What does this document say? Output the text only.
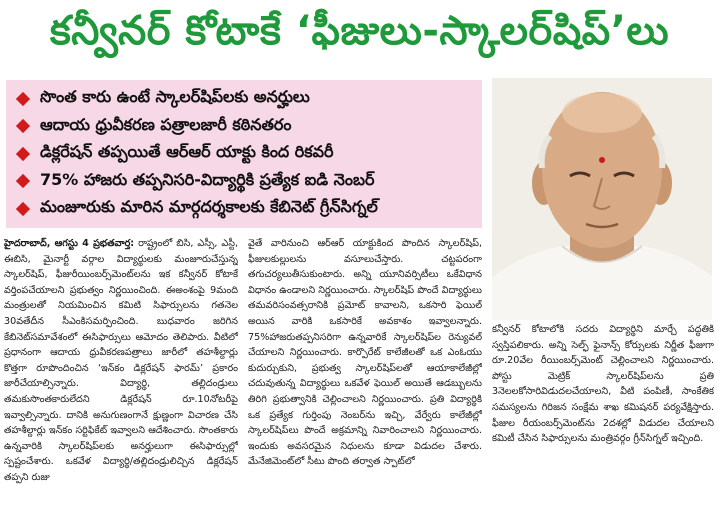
కన్వీనర్ కోటాకే ‘ఫీజులు-స్కాలర్‌షిప్’లు
సొంత కారు ఉంటే స్కాలర్‌షిప్‌లకు అనర్హులు
ఆదాయ ధ్రువీకరణ పత్రాలజారీ కఠినతరం
డిక్లరేషన్ తప్పయితే ఆర్‌ఆర్ యాక్టు కింద రికవరీ
75% హాజరు తప్పనిసరి-విద్యార్థికి ప్రత్యేక ఐడి నెంబర్
మంజూరుకు మారిన మార్గదర్శకాలకు కేబినెట్ గ్రీన్‌సిగ్నల్

హైదరాబాద్, ఆగస్టు 4 ప్రభతవార్త: రాష్ట్రంలో బిసి, ఎస్సీ, ఎస్టీ, ఈబిసి, మైనార్టీ వర్గాల విద్యార్థులకు మంజూరుచేస్తున్న స్కాలర్‌షిప్, ఫీజురీయింబర్స్‌మెంట్‌లను ఇక కన్వీనర్ కోటాకే వర్తింపచేయాలని ప్రభుత్వం నిర్ణయించింది. ఈఅంశంపై 9మంది మంత్రులతో నియమించిన కమిటి సిఫార్సులను గతనెల 30వతేదీన సీఎంకిసమర్పించింది. బుధవారం జరిగిన కేబినెట్‌సమావేశంలో ఈసిఫార్సులు ఆమోదం తెలిపారు. వీటిలో ప్రధానంగా ఆదాయ ధ్రువీకరణపత్రాలు జారీలో తహశీల్దార్లు కొత్తగా రూపొందించిన ‘ఇన్‌కం డిక్లరేషన్ ఫారమ్’ ప్రకారం జారీచేయాల్సిన్నారు. విద్యార్థి, తల్లిదండ్రులు తమకుసొంతకారులేదని డిక్లరేషన్ రూ.10నోటరీపై ఇవ్వాల్సిన్నారు. దానికి అనుగుణంగానే క్షుణ్ణంగా విచారణ చేసి తహశీల్దార్లు ఇన్‌కం సర్టిఫికేట్ ఇవ్వాలని ఆదేశించారు. సొంతకారు ఉన్నవారికి స్కాలర్‌షిప్‌లకు అనర్హులుగా ఈసిఫార్సుల్లో స్పష్టంచేశారు. ఒకవేళ విద్యార్థి/తల్లిదండ్రులిచ్చిన డిక్లరేషన్ తప్పని రుజు

వైతే వారినుంచి ఆర్‌ఆర్ యాక్టుకింద పొందిన స్కాలర్‌షిప్, ఫీజులకుల్లులను వసూలుచేస్తారు. చట్టపరంగా తగుచర్యలుతీసుకుంటారు. అన్ని యూనివర్సిటీలు ఒకేవిధాన విధానం ఉండాలని నిర్ణయించారు. స్కాలర్‌షిప్ పొందే విద్యార్థులు తమవరిసంవత్సరానికి ప్రమోట్ కావాలని, ఒకసారి ఫెయిల్ అయిన వారికి ఒకసారికే అవకాశం ఇవ్వాలన్నారు. 75%హాజరుతప్పనిసరిగా ఉన్నవారికే స్కాలర్‌షిప్‌ల రెన్యువల్ చేయాలని నిర్ణయించారు. కార్పొరేట్ కాలేజీలతో ఒక ఎంఓయు కుదుర్చుకుని, ప్రభుత్వ స్కాలర్‌షిప్‌లతో ఆయాకాలేజీల్లో చదువుతున్న విద్యార్థులు ఒకవేళ ఫెయిల్ అయితే ఆడబ్బులను తిరిగి ప్రభుత్వానికి చెల్లించాలని నిర్ణయించారు. ప్రతి విద్యార్థికి ఒక ప్రత్యేక గుర్తింపు నెంబర్‌ను ఇచ్చి, వేర్వేరు కాలేజీల్లో స్కాలర్‌షిప్‌లు పొందే అక్రమాన్ని నివారించాలని నిర్ణయించారు. ఇందుకు అవసరమైన నిధులను కూడా విడుదల చేశారు. మేనేజిమెంట్‌లో సీటు పొంది తర్వాత స్పాట్‌లో

కన్వీనర్ కోటాలోకి సదరు విద్యార్థిని మార్చే పద్ధతికి స్వస్తిపలికారు. అన్ని సెల్ఫ్ ఫైనాన్స్ కోర్సులకు నిర్ణీత ఫీజుగా రూ.20వేల రీయింబర్స్‌మెంట్ చెల్లించాలని నిర్ణయించారు. పోస్టు మెట్రిక్ స్కాలర్‌షిప్‌లను ప్రతి 3నెలలకోసారివిడుదలచేయాలని, వీటి పంపిణీ, సాంకేతిక సమస్యలను గిరిజన సంక్షేమ శాఖ కమిషనర్ పర్యవేక్షిస్తారు. ఫీజుల రీయంబర్స్‌మెంట్‌ను 2దశల్లో విడుదల చేయాలని కమిటీ చేసిన సిఫార్సులను మంత్రివర్గం గ్రీన్‌సిగ్నల్ ఇచ్చింది.
